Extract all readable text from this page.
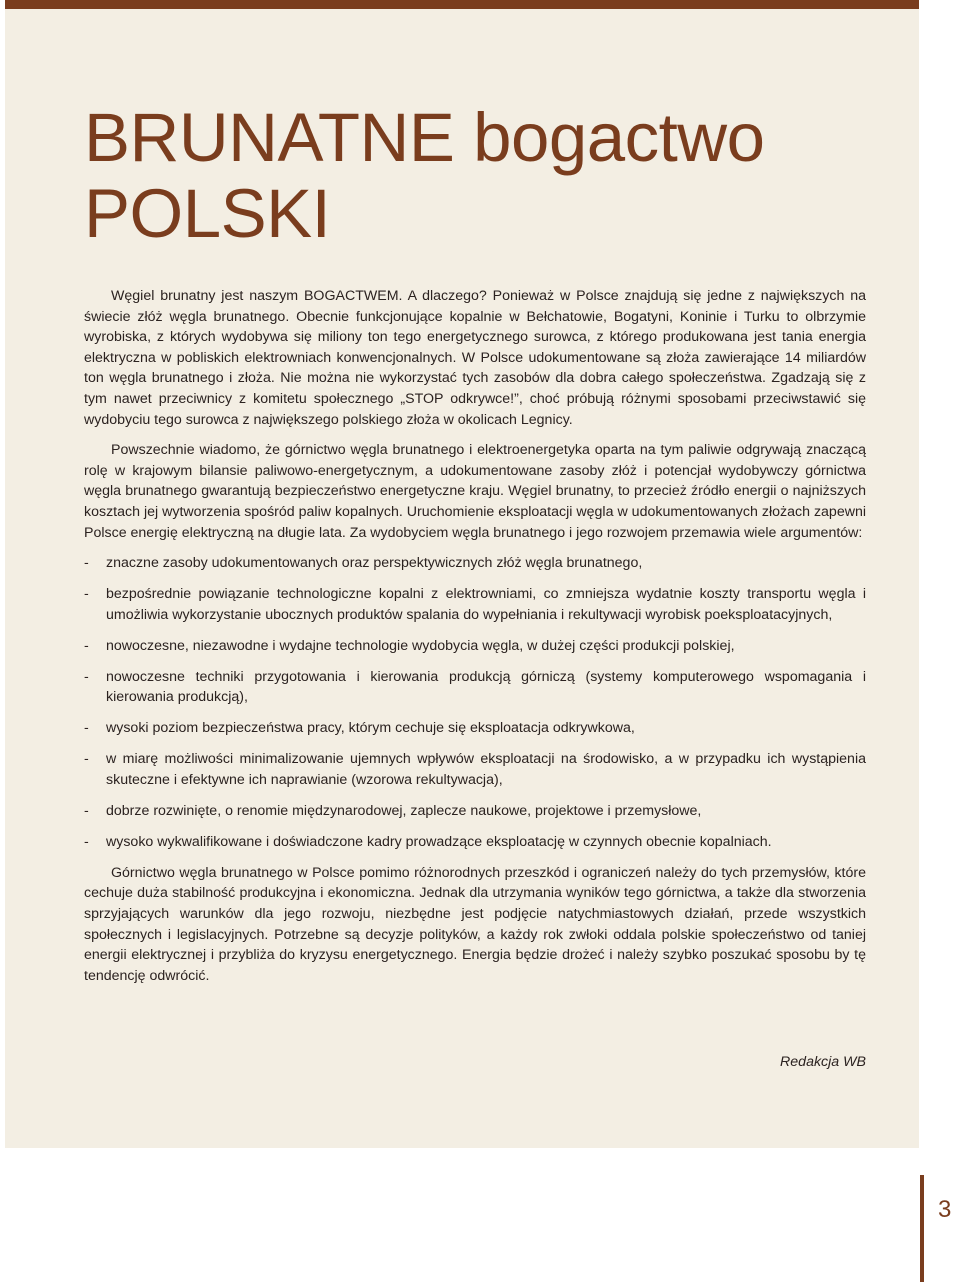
BRUNATNE bogactwo
POLSKI

Węgiel brunatny jest naszym BOGACTWEM. A dlaczego? Ponieważ w Polsce znajdują się jedne z największych na świecie złóż węgla brunatnego. Obecnie funkcjonujące kopalnie w Bełchatowie, Bogatyni, Koninie i Turku to olbrzymie wyrobiska, z których wydobywa się miliony ton tego energetycznego surowca, z którego produkowana jest tania energia elektryczna w pobliskich elektrowniach konwencjonalnych. W Polsce udokumentowane są złoża zawierające 14 miliardów ton węgla brunatnego i złoża. Nie można nie wykorzystać tych zasobów dla dobra całego społeczeństwa. Zgadzają się z tym nawet przeciwnicy z komitetu społecznego „STOP odkrywce!”, choć próbują różnymi sposobami przeciwstawić się wydobyciu tego surowca z największego polskiego złoża w okolicach Legnicy.

Powszechnie wiadomo, że górnictwo węgla brunatnego i elektroenergetyka oparta na tym paliwie odgrywają znaczącą rolę w krajowym bilansie paliwowo-energetycznym, a udokumentowane zasoby złóż i potencjał wydobywczy górnictwa węgla brunatnego gwarantują bezpieczeństwo energetyczne kraju. Węgiel brunatny, to przecież źródło energii o najniższych kosztach jej wytworzenia spośród paliw kopalnych. Uruchomienie eksploatacji węgla w udokumentowanych złożach zapewni Polsce energię elektryczną na długie lata. Za wydobyciem węgla brunatnego i jego rozwojem przemawia wiele argumentów:

- znaczne zasoby udokumentowanych oraz perspektywicznych złóż węgla brunatnego,
- bezpośrednie powiązanie technologiczne kopalni z elektrowniami, co zmniejsza wydatnie koszty transportu węgla i umożliwia wykorzystanie ubocznych produktów spalania do wypełniania i rekultywacji wyrobisk poeksploatacyjnych,
- nowoczesne, niezawodne i wydajne technologie wydobycia węgla, w dużej części produkcji polskiej,
- nowoczesne techniki przygotowania i kierowania produkcją górniczą (systemy komputerowego wspomagania i kierowania produkcją),
- wysoki poziom bezpieczeństwa pracy, którym cechuje się eksploatacja odkrywkowa,
- w miarę możliwości minimalizowanie ujemnych wpływów eksploatacji na środowisko, a w przypadku ich wystąpienia skuteczne i efektywne ich naprawianie (wzorowa rekultywacja),
- dobrze rozwinięte, o renomie międzynarodowej, zaplecze naukowe, projektowe i przemysłowe,
- wysoko wykwalifikowane i doświadczone kadry prowadzące eksploatację w czynnych obecnie kopalniach.

Górnictwo węgla brunatnego w Polsce pomimo różnorodnych przeszkód i ograniczeń należy do tych przemysłów, które cechuje duża stabilność produkcyjna i ekonomiczna. Jednak dla utrzymania wyników tego górnictwa, a także dla stworzenia sprzyjających warunków dla jego rozwoju, niezbędne jest podjęcie natychmiastowych działań, przede wszystkich społecznych i legislacyjnych. Potrzebne są decyzje polityków, a każdy rok zwłoki oddala polskie społeczeństwo od taniej energii elektrycznej i przybliża do kryzysu energetycznego. Energia będzie drożeć i należy szybko poszukać sposobu by tę tendencję odwrócić.

Redakcja WB
3
